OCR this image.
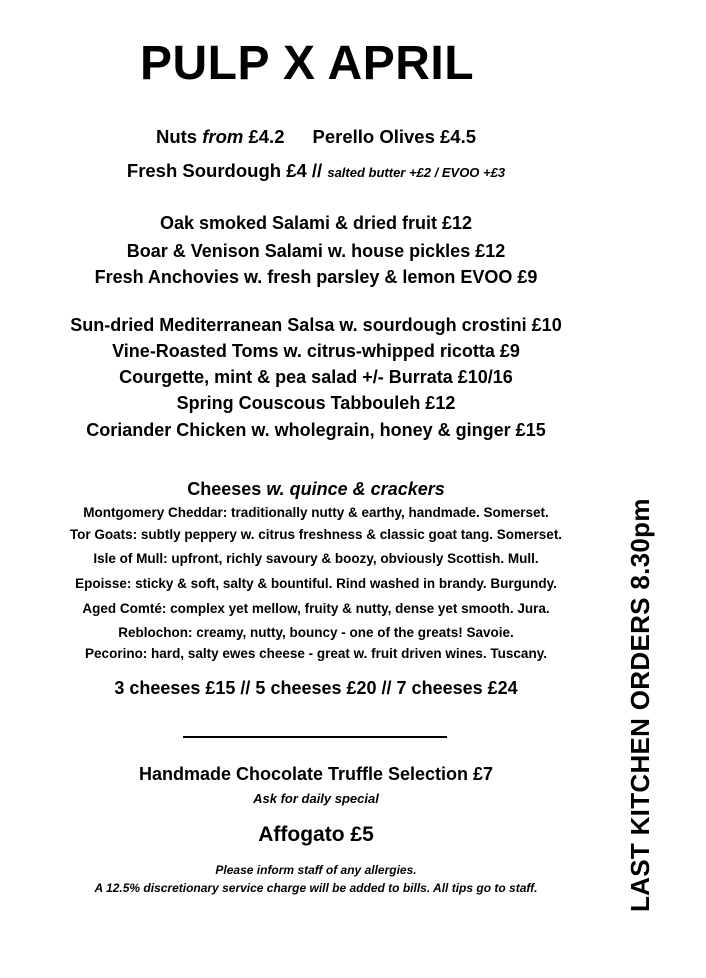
PULP X APRIL
Nuts from £4.2 Perello Olives £4.5
Fresh Sourdough £4 // salted butter +£2 / EVOO +£3
Oak smoked Salami & dried fruit £12
Boar & Venison Salami w. house pickles £12
Fresh Anchovies w. fresh parsley & lemon EVOO £9
Sun-dried Mediterranean Salsa w. sourdough crostini £10
Vine-Roasted Toms w. citrus-whipped ricotta £9
Courgette, mint & pea salad +/- Burrata £10/16
Spring Couscous Tabbouleh £12
Coriander Chicken w. wholegrain, honey & ginger £15
Cheeses w. quince & crackers
Montgomery Cheddar: traditionally nutty & earthy, handmade. Somerset.
Tor Goats: subtly peppery w. citrus freshness & classic goat tang. Somerset.
Isle of Mull: upfront, richly savoury & boozy, obviously Scottish. Mull.
Epoisse: sticky & soft, salty & bountiful. Rind washed in brandy. Burgundy.
Aged Comté: complex yet mellow, fruity & nutty, dense yet smooth. Jura.
Reblochon: creamy, nutty, bouncy - one of the greats! Savoie.
Pecorino: hard, salty ewes cheese - great w. fruit driven wines. Tuscany.
3 cheeses £15 // 5 cheeses £20 // 7 cheeses £24
Handmade Chocolate Truffle Selection £7
Ask for daily special
Affogato £5
Please inform staff of any allergies.
A 12.5% discretionary service charge will be added to bills. All tips go to staff.	LAST KITCHEN ORDERS 8.30pm
